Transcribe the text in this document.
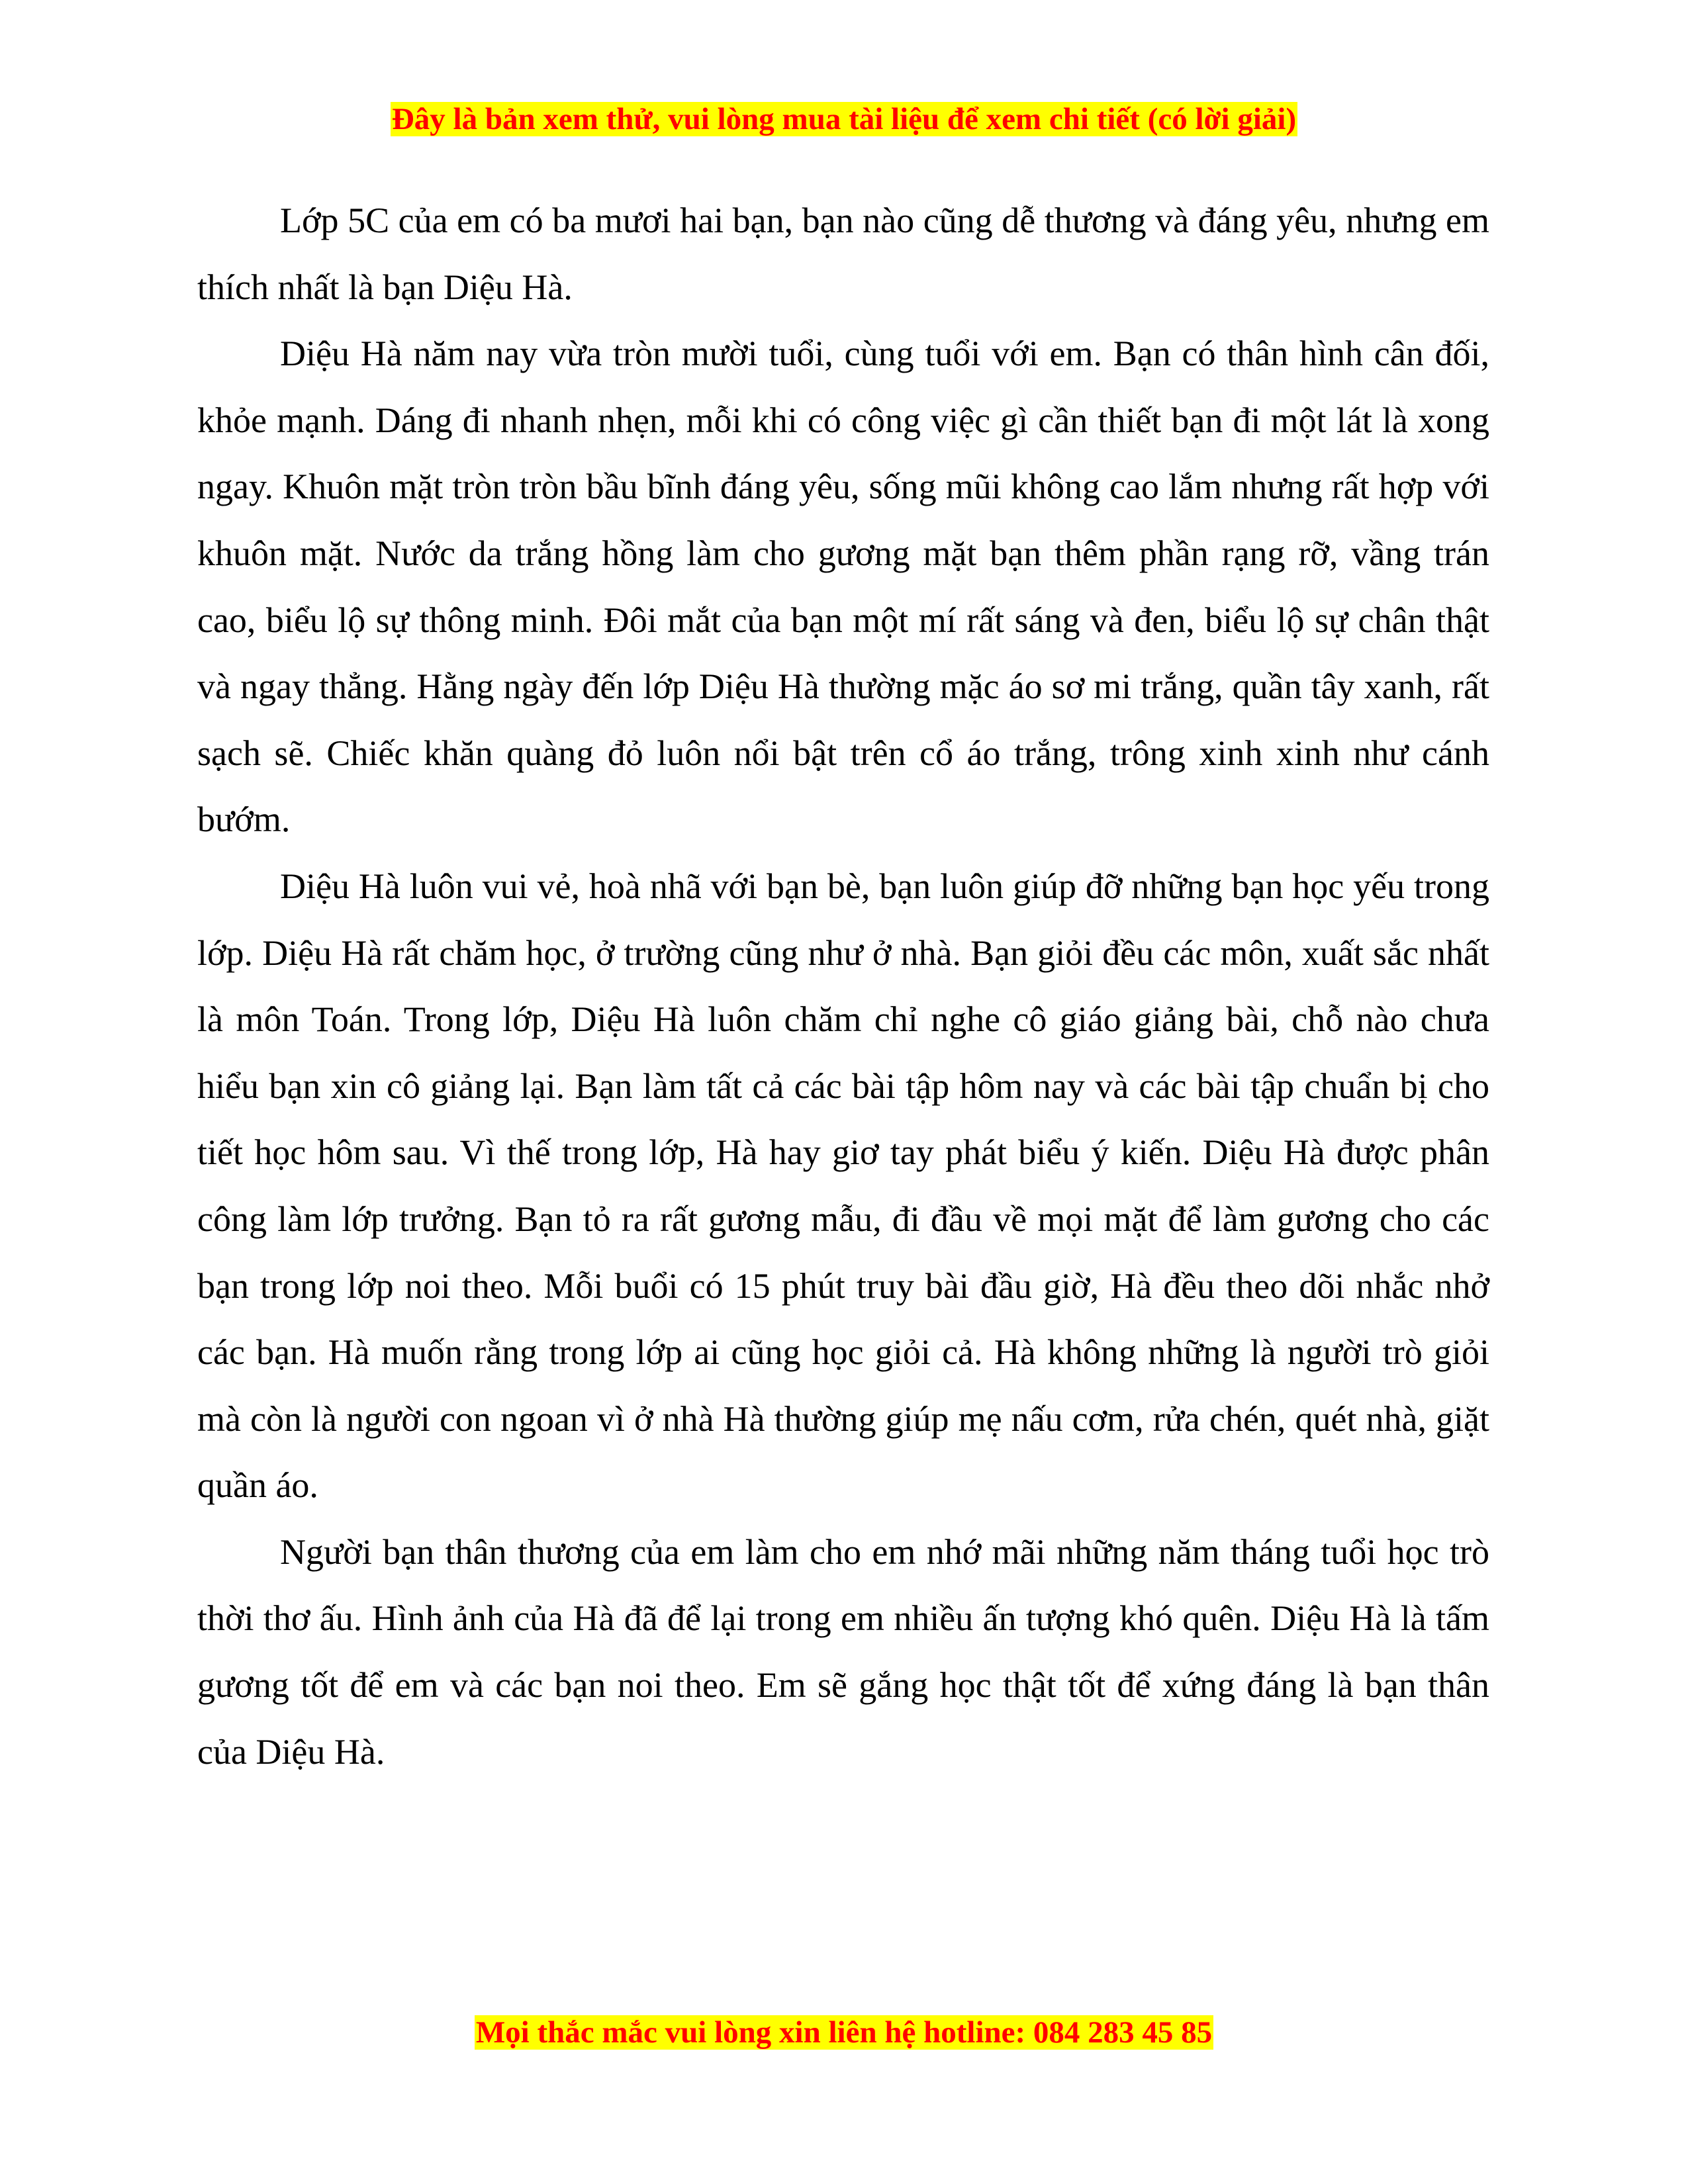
Đây là bản xem thử, vui lòng mua tài liệu để xem chi tiết (có lời giải)

Lớp 5C của em có ba mươi hai bạn, bạn nào cũng dễ thương và đáng yêu, nhưng em thích nhất là bạn Diệu Hà.

Diệu Hà năm nay vừa tròn mười tuổi, cùng tuổi với em. Bạn có thân hình cân đối, khỏe mạnh. Dáng đi nhanh nhẹn, mỗi khi có công việc gì cần thiết bạn đi một lát là xong ngay. Khuôn mặt tròn tròn bầu bĩnh đáng yêu, sống mũi không cao lắm nhưng rất hợp với khuôn mặt. Nước da trắng hồng làm cho gương mặt bạn thêm phần rạng rỡ, vầng trán cao, biểu lộ sự thông minh. Đôi mắt của bạn một mí rất sáng và đen, biểu lộ sự chân thật và ngay thẳng. Hằng ngày đến lớp Diệu Hà thường mặc áo sơ mi trắng, quần tây xanh, rất sạch sẽ. Chiếc khăn quàng đỏ luôn nổi bật trên cổ áo trắng, trông xinh xinh như cánh bướm.

Diệu Hà luôn vui vẻ, hoà nhã với bạn bè, bạn luôn giúp đỡ những bạn học yếu trong lớp. Diệu Hà rất chăm học, ở trường cũng như ở nhà. Bạn giỏi đều các môn, xuất sắc nhất là môn Toán. Trong lớp, Diệu Hà luôn chăm chỉ nghe cô giáo giảng bài, chỗ nào chưa hiểu bạn xin cô giảng lại. Bạn làm tất cả các bài tập hôm nay và các bài tập chuẩn bị cho tiết học hôm sau. Vì thế trong lớp, Hà hay giơ tay phát biểu ý kiến. Diệu Hà được phân công làm lớp trưởng. Bạn tỏ ra rất gương mẫu, đi đầu về mọi mặt để làm gương cho các bạn trong lớp noi theo. Mỗi buổi có 15 phút truy bài đầu giờ, Hà đều theo dõi nhắc nhở các bạn. Hà muốn rằng trong lớp ai cũng học giỏi cả. Hà không những là người trò giỏi mà còn là người con ngoan vì ở nhà Hà thường giúp mẹ nấu cơm, rửa chén, quét nhà, giặt quần áo.

Người bạn thân thương của em làm cho em nhớ mãi những năm tháng tuổi học trò thời thơ ấu. Hình ảnh của Hà đã để lại trong em nhiều ấn tượng khó quên. Diệu Hà là tấm gương tốt để em và các bạn noi theo. Em sẽ gắng học thật tốt để xứng đáng là bạn thân của Diệu Hà.

Mọi thắc mắc vui lòng xin liên hệ hotline: 084 283 45 85
